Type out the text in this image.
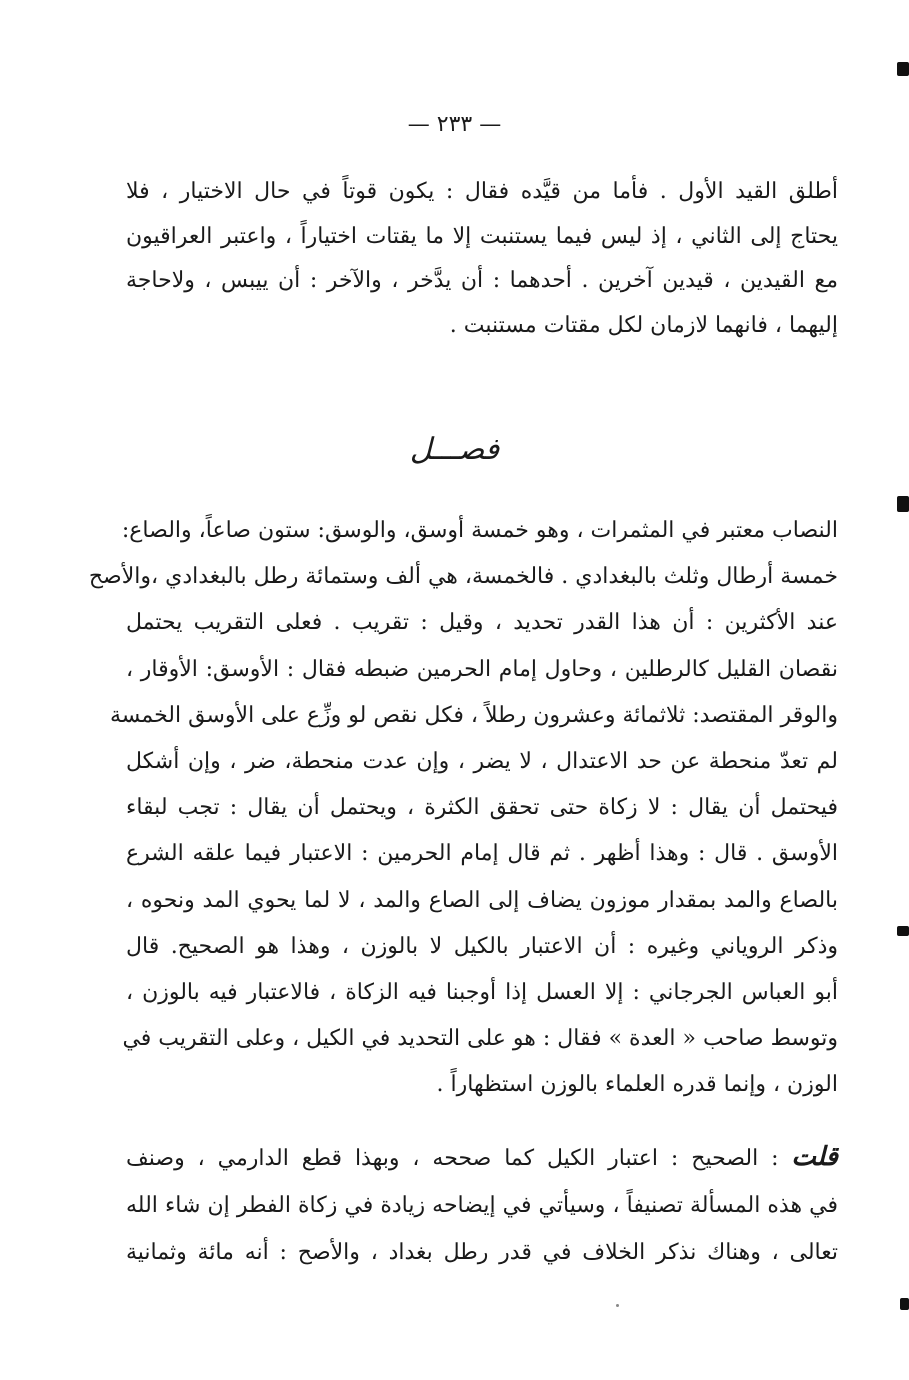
— ٢٣٣ —

أطلق القيد الأول . فأما من قيَّده فقال : يكون قوتاً في حال الاختيار ، فلا
يحتاج إلى الثاني ، إذ ليس فيما يستنبت إلا ما يقتات اختياراً ، واعتبر العراقيون
مع القيدين ، قيدين آخرين . أحدهما : أن يدَّخر ، والآخر : أن ييبس ، ولاحاجة
إليهما ، فانهما لازمان لكل مقتات مستنبت .

فصـــل

النصاب معتبر في المثمرات ، وهو خمسة أوسق، والوسق: ستون صاعاً، والصاع:
خمسة أرطال وثلث بالبغدادي . فالخمسة، هي ألف وستمائة رطل بالبغدادي ،والأصح
عند الأكثرين : أن هذا القدر تحديد ، وقيل : تقريب . فعلى التقريب يحتمل
نقصان القليل كالرطلين ، وحاول إمام الحرمين ضبطه فقال : الأوسق: الأوقار ،
والوقر المقتصد: ثلاثمائة وعشرون رطلاً ، فكل نقص لو وزِّع على الأوسق الخمسة
لم تعدّ منحطة عن حد الاعتدال ، لا يضر ، وإن عدت منحطة، ضر ، وإن أشكل
فيحتمل أن يقال : لا زكاة حتى تحقق الكثرة ، ويحتمل أن يقال : تجب لبقاء
الأوسق . قال : وهذا أظهر . ثم قال إمام الحرمين : الاعتبار فيما علقه الشرع
بالصاع والمد بمقدار موزون يضاف إلى الصاع والمد ، لا لما يحوي المد ونحوه ،
وذكر الروياني وغيره : أن الاعتبار بالكيل لا بالوزن ، وهذا هو الصحيح. قال
أبو العباس الجرجاني : إلا العسل إذا أوجبنا فيه الزكاة ، فالاعتبار فيه بالوزن ،
وتوسط صاحب « العدة » فقال : هو على التحديد في الكيل ، وعلى التقريب في
الوزن ، وإنما قدره العلماء بالوزن استظهاراً .

قلت : الصحيح : اعتبار الكيل كما صححه ، وبهذا قطع الدارمي ، وصنف
في هذه المسألة تصنيفاً ، وسيأتي في إيضاحه زيادة في زكاة الفطر إن شاء الله
تعالى ، وهناك نذكر الخلاف في قدر رطل بغداد ، والأصح : أنه مائة وثمانية
